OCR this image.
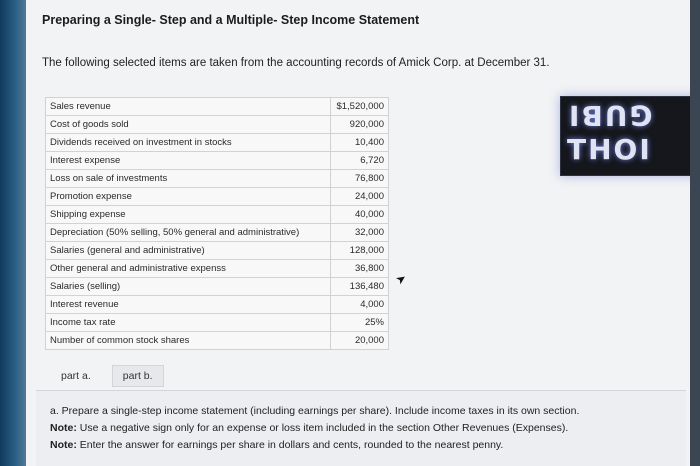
Preparing a Single- Step and a Multiple- Step Income Statement
The following selected items are taken from the accounting records of Amick Corp. at December 31.
Sales revenue	$1,520,000
Cost of goods sold	920,000
Dividends received on investment in stocks	10,400
Interest expense	6,720
Loss on sale of investments	76,800
Promotion expense	24,000
Shipping expense	40,000
Depreciation (50% selling, 50% general and administrative)	32,000
Salaries (general and administrative)	128,000
Other general and administrative expenss	36,800
Salaries (selling)	136,480
Interest revenue	4,000
Income tax rate	25%
Number of common stock shares	20,000
GUBI
THOI
➤
part a.	part b.
a. Prepare a single-step income statement (including earnings per share). Include income taxes in its own section.
Note: Use a negative sign only for an expense or loss item included in the section Other Revenues (Expenses).
Note: Enter the answer for earnings per share in dollars and cents, rounded to the nearest penny.
